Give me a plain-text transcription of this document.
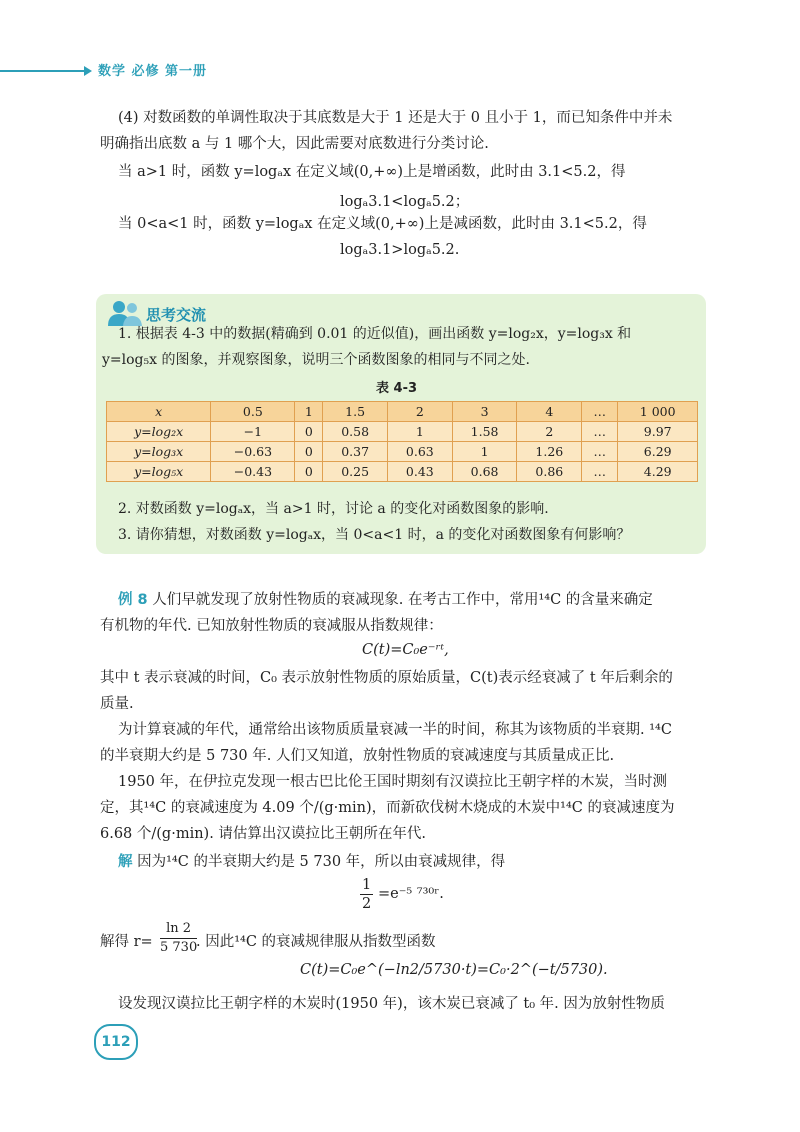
数学 必修 第一册
(4) 对数函数的单调性取决于其底数是大于 1 还是大于 0 且小于 1，而已知条件中并未
明确指出底数 a 与 1 哪个大，因此需要对底数进行分类讨论.
当 a>1 时，函数 y=logₐx 在定义域(0,+∞)上是增函数，此时由 3.1<5.2，得
logₐ3.1<logₐ5.2；
当 0<a<1 时，函数 y=logₐx 在定义域(0,+∞)上是减函数，此时由 3.1<5.2，得
logₐ3.1>logₐ5.2.
思考交流
1. 根据表 4-3 中的数据(精确到 0.01 的近似值)，画出函数 y=log₂x，y=log₃x 和
y=log₅x 的图象，并观察图象，说明三个函数图象的相同与不同之处.
表 4-3
2. 对数函数 y=logₐx，当 a>1 时，讨论 a 的变化对函数图象的影响.
3. 请你猜想，对数函数 y=logₐx，当 0<a<1 时，a 的变化对函数图象有何影响？
x	0.5	1	1.5	2	3	4	…	1 000
y=log₂x	−1	0	0.58	1	1.58	2	…	9.97
y=log₃x	−0.63	0	0.37	0.63	1	1.26	…	6.29
y=log₅x	−0.43	0	0.25	0.43	0.68	0.86	…	4.29
例 8 人们早就发现了放射性物质的衰减现象. 在考古工作中，常用¹⁴C 的含量来确定
有机物的年代. 已知放射性物质的衰减服从指数规律：
C(t)=C₀e⁻ʳᵗ,
其中 t 表示衰减的时间，C₀ 表示放射性物质的原始质量，C(t)表示经衰减了 t 年后剩余的
质量.
为计算衰减的年代，通常给出该物质质量衰减一半的时间，称其为该物质的半衰期. ¹⁴C
的半衰期大约是 5 730 年. 人们又知道，放射性物质的衰减速度与其质量成正比.
1950 年，在伊拉克发现一根古巴比伦王国时期刻有汉谟拉比王朝字样的木炭，当时测
定，其¹⁴C 的衰减速度为 4.09 个/(g·min)，而新砍伐树木烧成的木炭中¹⁴C 的衰减速度为
6.68 个/(g·min). 请估算出汉谟拉比王朝所在年代.
解 因为¹⁴C 的半衰期大约是 5 730 年，所以由衰减规律，得
$\frac{1}{2} =e^{-5}$ ⁷³⁰ʳ.
解得 $r= \frac{\ln 2}{5 730}$
. 因此¹⁴C 的衰减规律服从指数型函数
C(t)=C₀e^(−ln2/5730·t)=C₀·2^(−t/5730).
设发现汉谟拉比王朝字样的木炭时(1950 年)，该木炭已衰减了 t₀ 年. 因为放射性物质
112
